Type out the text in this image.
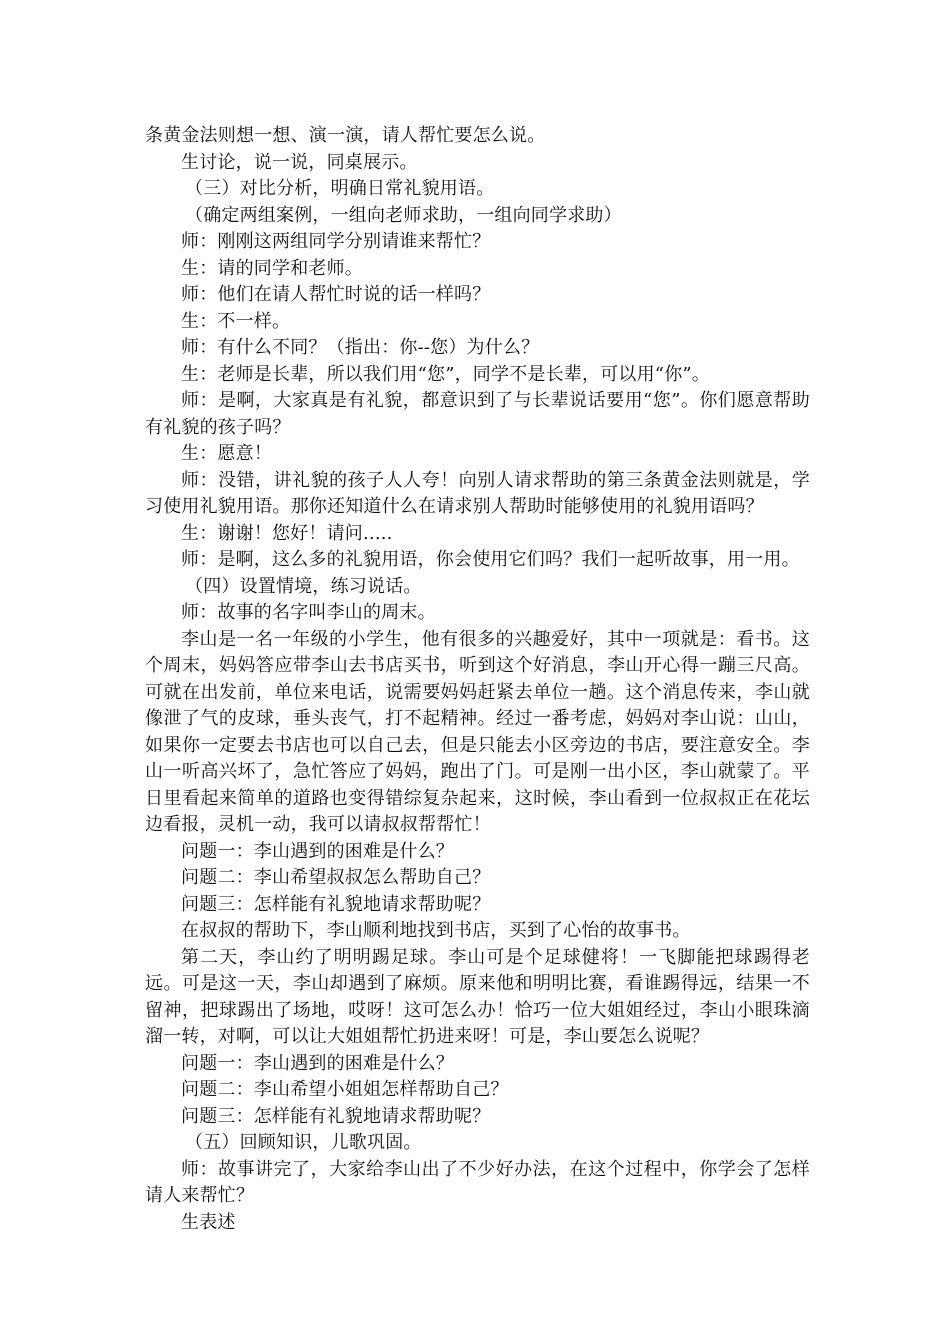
条黄金法则想一想、演一演，请人帮忙要怎么说。

生讨论，说一说，同桌展示。

（三）对比分析，明确日常礼貌用语。

（确定两组案例，一组向老师求助，一组向同学求助）

师：刚刚这两组同学分别请谁来帮忙？

生：请的同学和老师。

师：他们在请人帮忙时说的话一样吗？

生：不一样。

师：有什么不同？（指出：你--您）为什么？

生：老师是长辈，所以我们用“您”，同学不是长辈，可以用“你”。

师：是啊，大家真是有礼貌，都意识到了与长辈说话要用“您”。你们愿意帮助有礼貌的孩子吗？

生：愿意！

师：没错，讲礼貌的孩子人人夸！向别人请求帮助的第三条黄金法则就是，学习使用礼貌用语。那你还知道什么在请求别人帮助时能够使用的礼貌用语吗？

生：谢谢！您好！请问.....

师：是啊，这么多的礼貌用语，你会使用它们吗？我们一起听故事，用一用。

（四）设置情境，练习说话。

师：故事的名字叫李山的周末。

李山是一名一年级的小学生，他有很多的兴趣爱好，其中一项就是：看书。这个周末，妈妈答应带李山去书店买书，听到这个好消息，李山开心得一蹦三尺高。可就在出发前，单位来电话，说需要妈妈赶紧去单位一趟。这个消息传来，李山就像泄了气的皮球，垂头丧气，打不起精神。经过一番考虑，妈妈对李山说：山山，如果你一定要去书店也可以自己去，但是只能去小区旁边的书店，要注意安全。李山一听高兴坏了，急忙答应了妈妈，跑出了门。可是刚一出小区，李山就蒙了。平日里看起来简单的道路也变得错综复杂起来，这时候，李山看到一位叔叔正在花坛边看报，灵机一动，我可以请叔叔帮帮忙！

问题一：李山遇到的困难是什么？

问题二：李山希望叔叔怎么帮助自己？

问题三：怎样能有礼貌地请求帮助呢？

在叔叔的帮助下，李山顺利地找到书店，买到了心怡的故事书。

第二天，李山约了明明踢足球。李山可是个足球健将！一飞脚能把球踢得老远。可是这一天，李山却遇到了麻烦。原来他和明明比赛，看谁踢得远，结果一不留神，把球踢出了场地，哎呀！这可怎么办！恰巧一位大姐姐经过，李山小眼珠滴溜一转，对啊，可以让大姐姐帮忙扔进来呀！可是，李山要怎么说呢？

问题一：李山遇到的困难是什么？

问题二：李山希望小姐姐怎样帮助自己？

问题三：怎样能有礼貌地请求帮助呢？

（五）回顾知识，儿歌巩固。

师：故事讲完了，大家给李山出了不少好办法，在这个过程中，你学会了怎样请人来帮忙？

生表述
